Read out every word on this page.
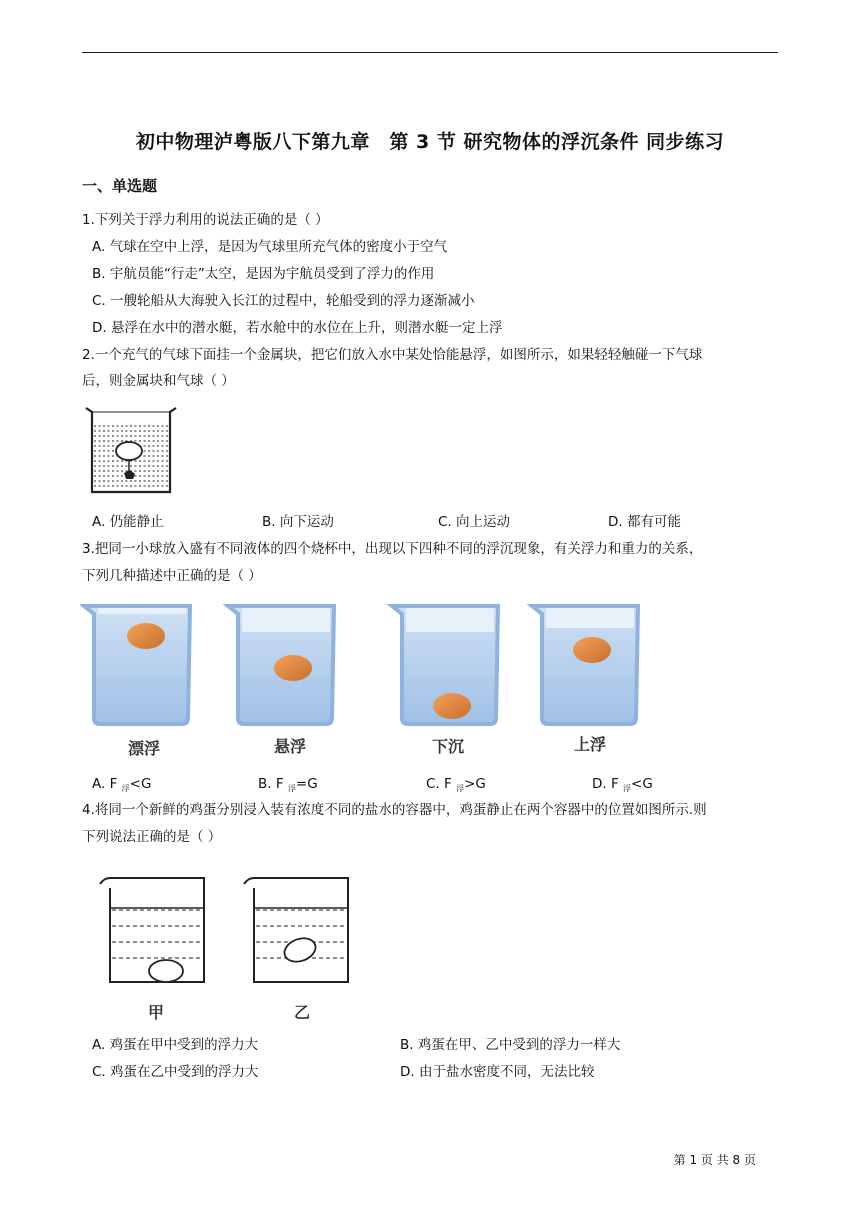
初中物理泸粤版八下第九章　第 3 节 研究物体的浮沉条件 同步练习
一、单选题
1.下列关于浮力利用的说法正确的是（ ）
A. 气球在空中上浮，是因为气球里所充气体的密度小于空气
B. 宇航员能“行走”太空，是因为宇航员受到了浮力的作用
C. 一艘轮船从大海驶入长江的过程中，轮船受到的浮力逐渐减小
D. 悬浮在水中的潜水艇，若水舱中的水位在上升，则潜水艇一定上浮
2.一个充气的气球下面挂一个金属块，把它们放入水中某处恰能悬浮，如图所示，如果轻轻触碰一下气球
后，则金属块和气球（ ）
A. 仍能静止	B. 向下运动	C. 向上运动	D. 都有可能
3.把同一小球放入盛有不同液体的四个烧杯中，出现以下四种不同的浮沉现象，有关浮力和重力的关系，
下列几种描述中正确的是（ ）
漂浮	悬浮	下沉	上浮
A. F $_浮$<G	B. F $_浮$=G	C. F $_浮$>G	D. F $_浮$<G
4.将同一个新鲜的鸡蛋分别浸入装有浓度不同的盐水的容器中，鸡蛋静止在两个容器中的位置如图所示.则
下列说法正确的是（ ）
甲	乙
A. 鸡蛋在甲中受到的浮力大	B. 鸡蛋在甲、乙中受到的浮力一样大
C. 鸡蛋在乙中受到的浮力大	D. 由于盐水密度不同，无法比较
第 1 页 共 8 页
